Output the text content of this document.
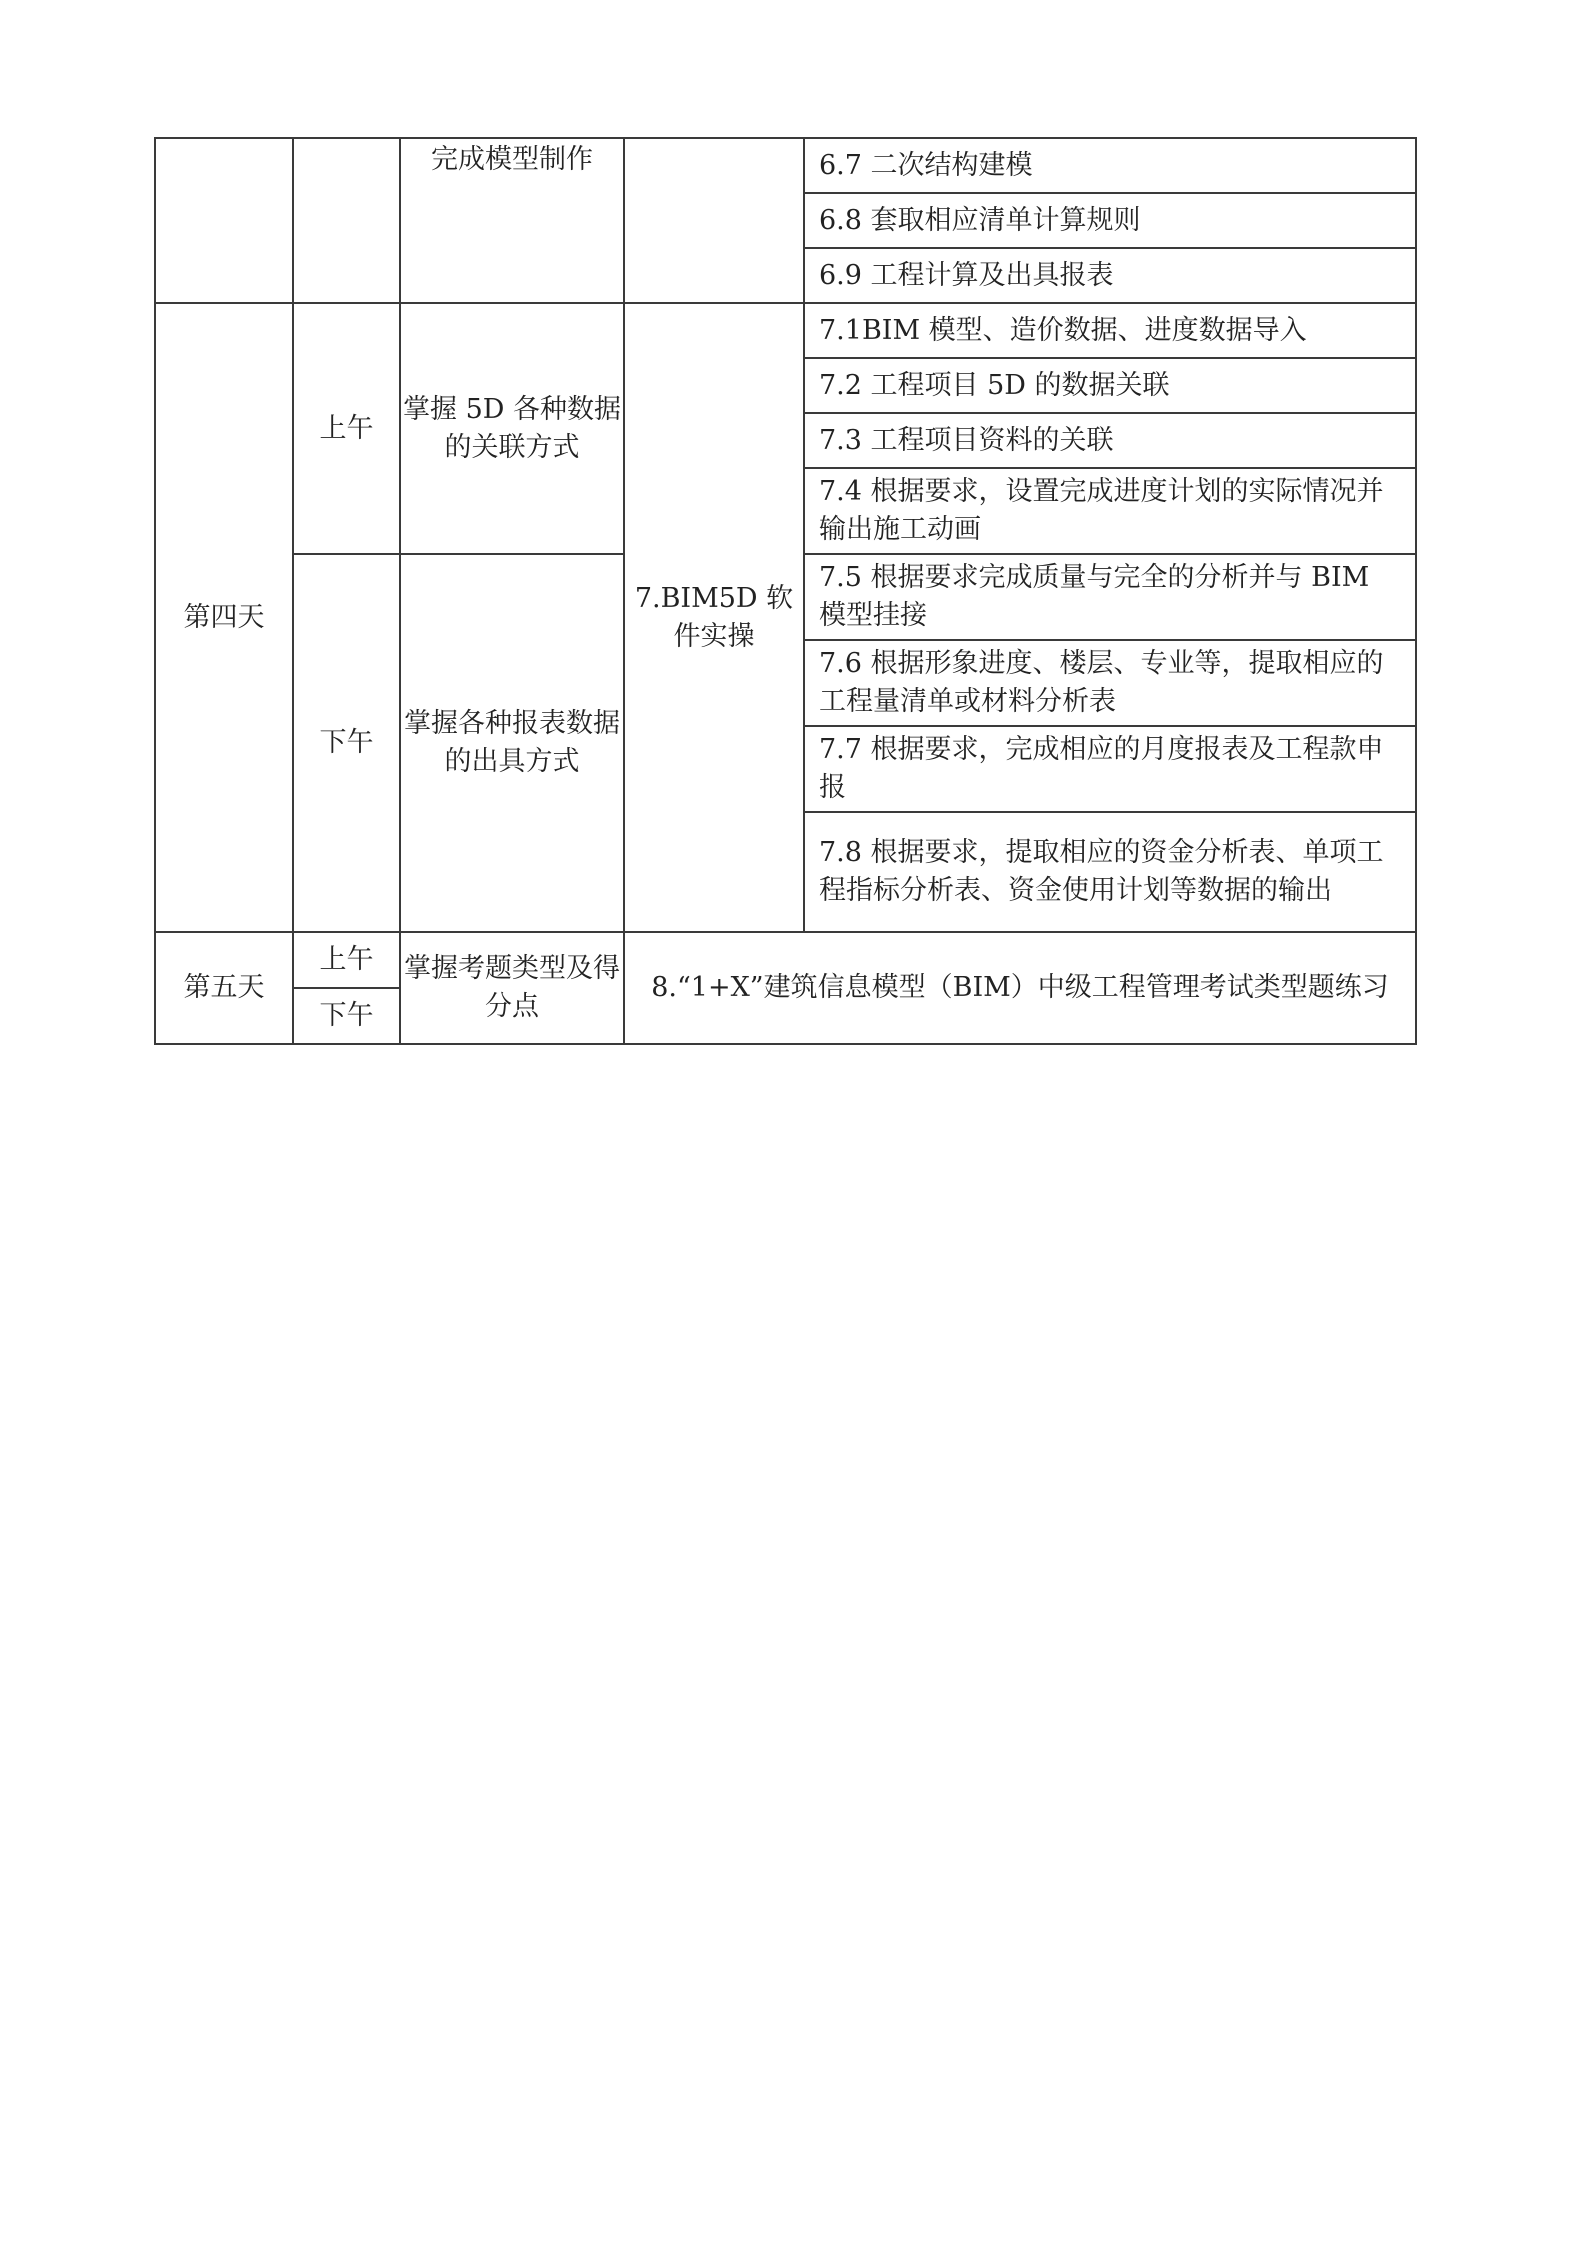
		完成模型制作		6.7 二次结构建模
				6.8 套取相应清单计算规则
				6.9 工程计算及出具报表
第四天	上午	掌握 5D 各种数据的关联方式	7.BIM5D 软件实操	7.1BIM 模型、造价数据、进度数据导入
				7.2 工程项目 5D 的数据关联
				7.3 工程项目资料的关联
				7.4 根据要求，设置完成进度计划的实际情况并输出施工动画
	下午	掌握各种报表数据的出具方式		7.5 根据要求完成质量与完全的分析并与 BIM 模型挂接
				7.6 根据形象进度、楼层、专业等，提取相应的工程量清单或材料分析表
				7.7 根据要求，完成相应的月度报表及工程款申报
				7.8 根据要求，提取相应的资金分析表、单项工程指标分析表、资金使用计划等数据的输出
第五天	上午	掌握考题类型及得分点	8.“1+X”建筑信息模型（BIM）中级工程管理考试类型题练习	
	下午			
